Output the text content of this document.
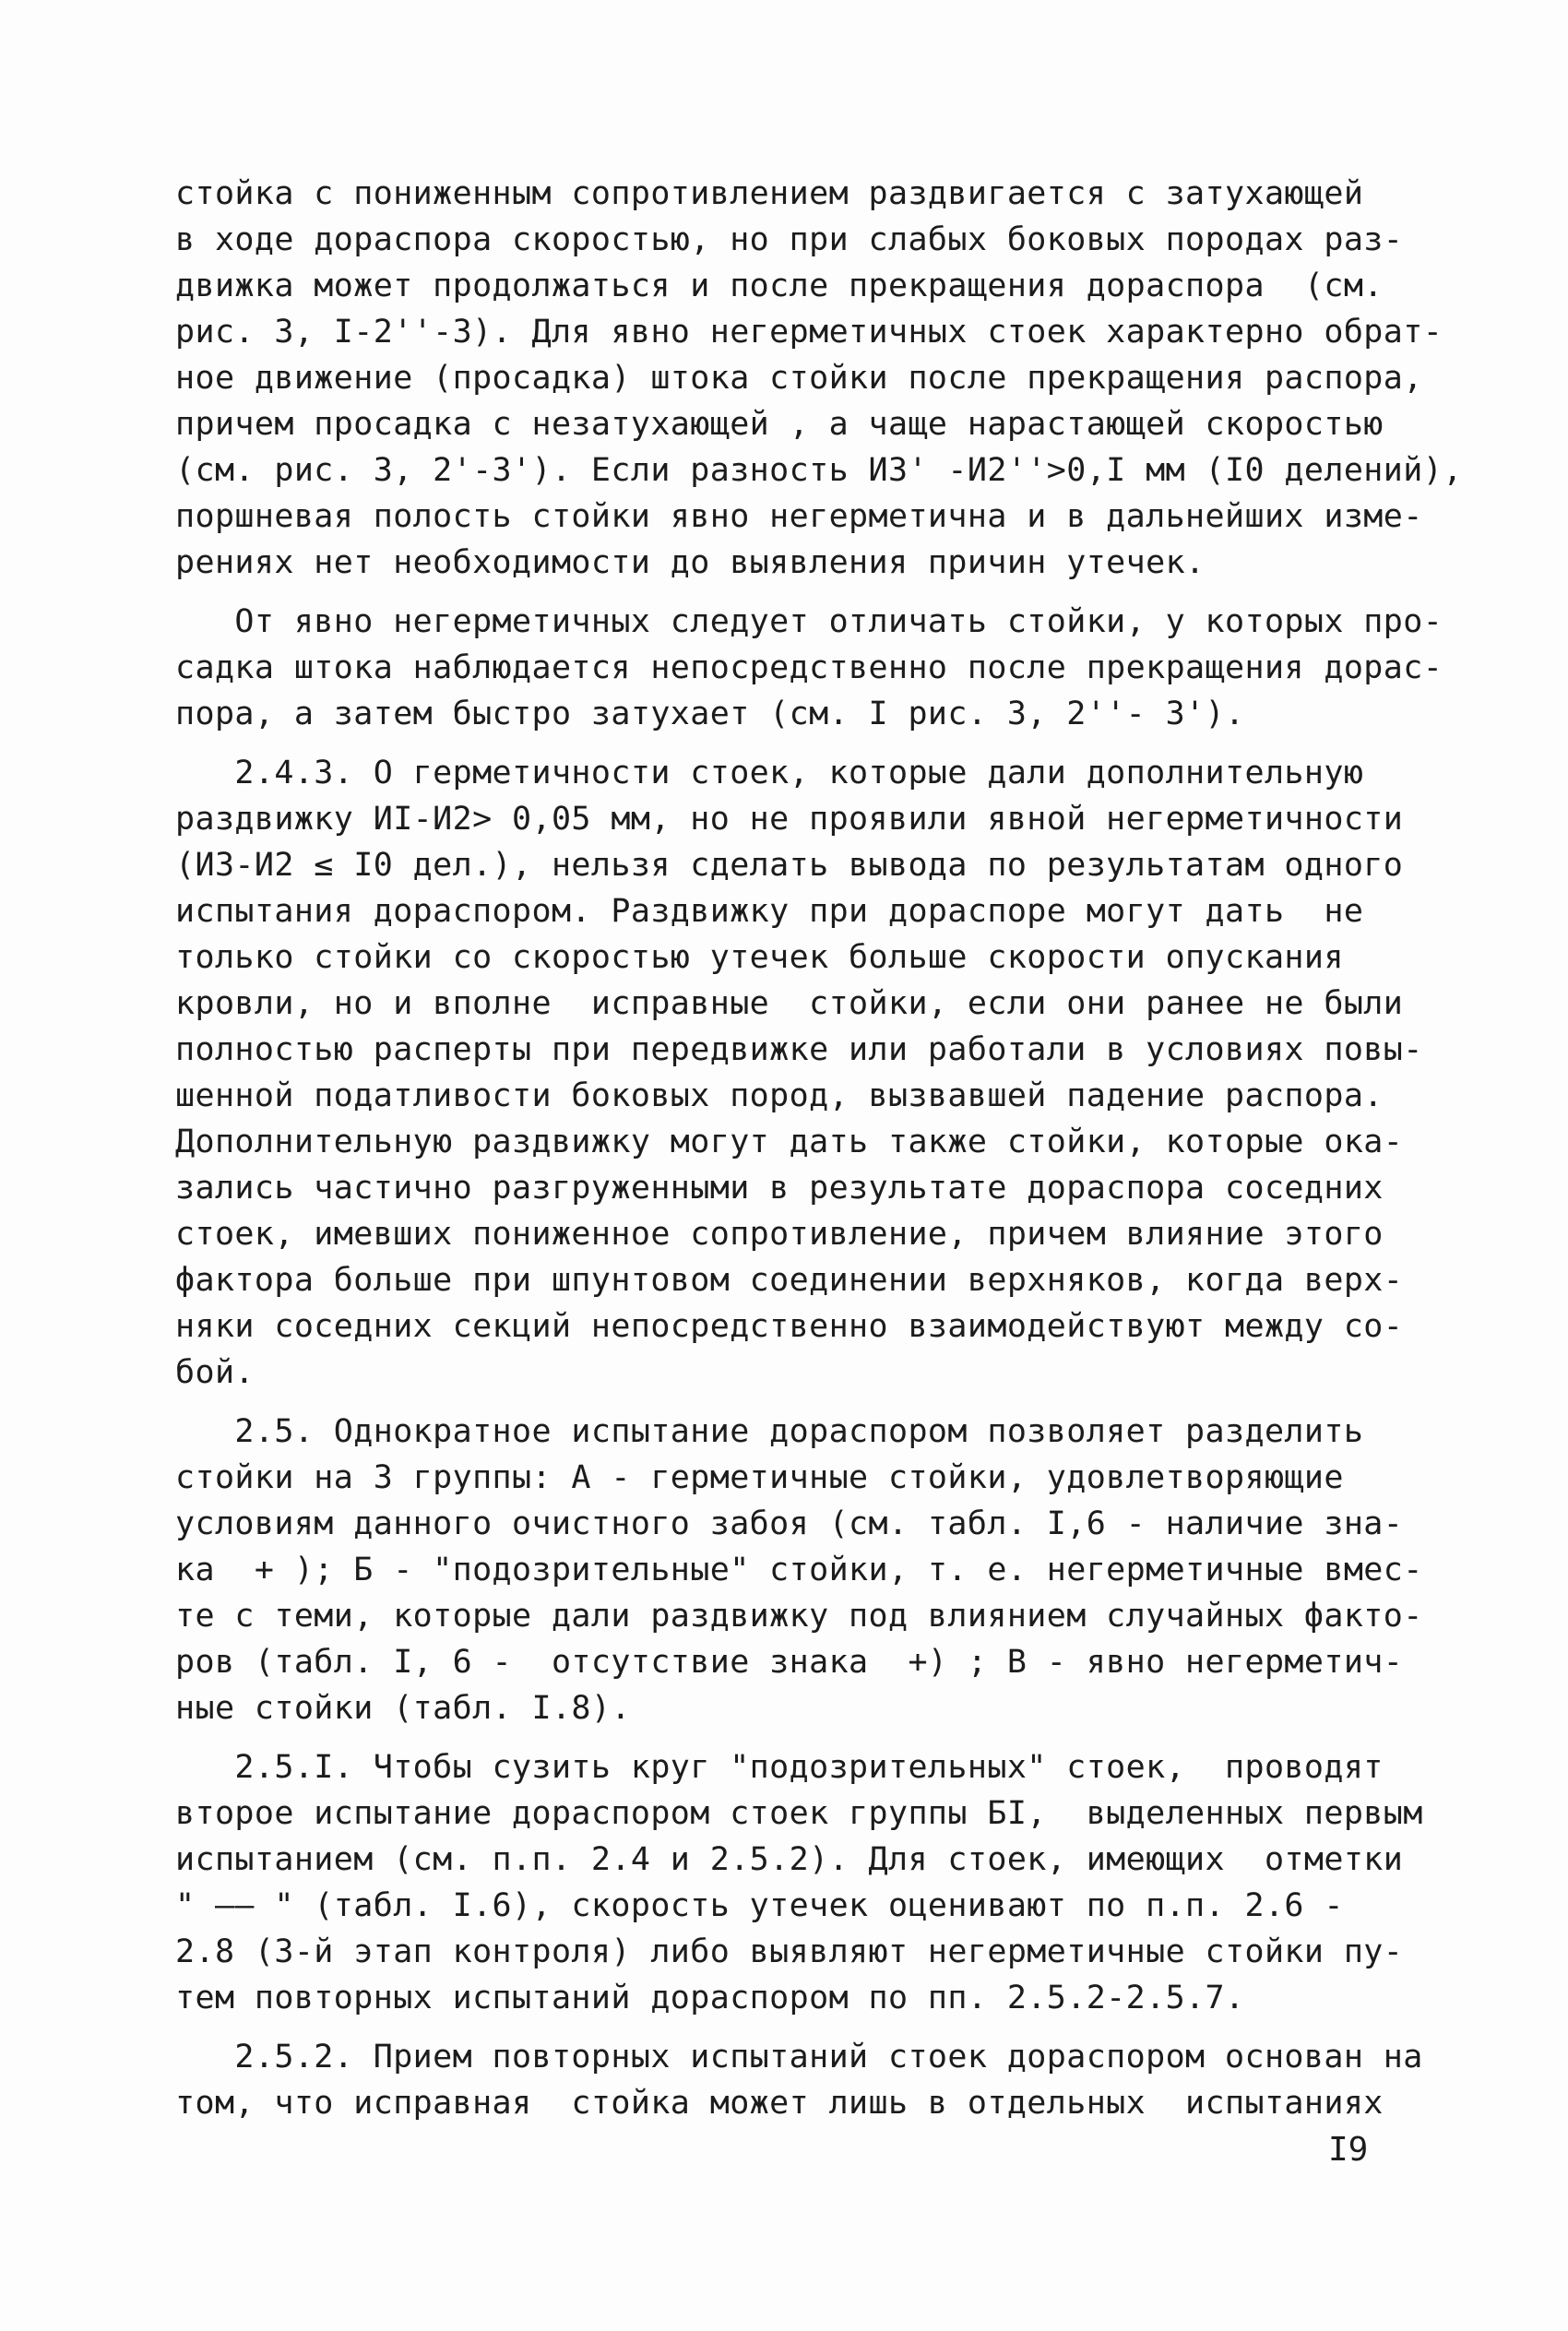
стойка с пониженным сопротивлением раздвигается с затухающей
в ходе дораспора скоростью, но при слабых боковых породах раз-
движка может продолжаться и после прекращения дораспора  (см.
рис. 3, I-2''-3). Для явно негерметичных стоек характерно обрат-
ное движение (просадка) штока стойки после прекращения распора,
причем просадка с незатухающей , а чаще нарастающей скоростью
(см. рис. 3, 2'-3'). Если разность И3' -И2''>0,I мм (I0 делений),
поршневая полость стойки явно негерметична и в дальнейших изме-
рениях нет необходимости до выявления причин утечек.
От явно негерметичных следует отличать стойки, у которых про-
садка штока наблюдается непосредственно после прекращения дорас-
пора, а затем быстро затухает (см. I рис. 3, 2''- 3').
2.4.3. О герметичности стоек, которые дали дополнительную
раздвижку ИI-И2> 0,05 мм, но не проявили явной негерметичности
(И3-И2 ≤ I0 дел.), нельзя сделать вывода по результатам одного
испытания дораспором. Раздвижку при дораспоре могут дать  не
только стойки со скоростью утечек больше скорости опускания
кровли, но и вполне  исправные  стойки, если они ранее не были
полностью расперты при передвижке или работали в условиях повы-
шенной податливости боковых пород, вызвавшей падение распора.
Дополнительную раздвижку могут дать также стойки, которые ока-
зались частично разгруженными в результате дораспора соседних
стоек, имевших пониженное сопротивление, причем влияние этого
фактора больше при шпунтовом соединении верхняков, когда верх-
няки соседних секций непосредственно взаимодействуют между со-
бой.
2.5. Однократное испытание дораспором позволяет разделить
стойки на 3 группы: А - герметичные стойки, удовлетворяющие
условиям данного очистного забоя (см. табл. I,6 - наличие зна-
ка  + ); Б - "подозрительные" стойки, т. е. негерметичные вмес-
те с теми, которые дали раздвижку под влиянием случайных факто-
ров (табл. I, 6 -  отсутствие знака  +) ; В - явно негерметич-
ные стойки (табл. I.8).
2.5.I. Чтобы сузить круг "подозрительных" стоек,  проводят
второе испытание дораспором стоек группы БI,  выделенных первым
испытанием (см. п.п. 2.4 и 2.5.2). Для стоек, имеющих  отметки
" —— " (табл. I.6), скорость утечек оценивают по п.п. 2.6 -
2.8 (3-й этап контроля) либо выявляют негерметичные стойки пу-
тем повторных испытаний дораспором по пп. 2.5.2-2.5.7.
2.5.2. Прием повторных испытаний стоек дораспором основан на
том, что исправная  стойка может лишь в отдельных  испытаниях
I9
